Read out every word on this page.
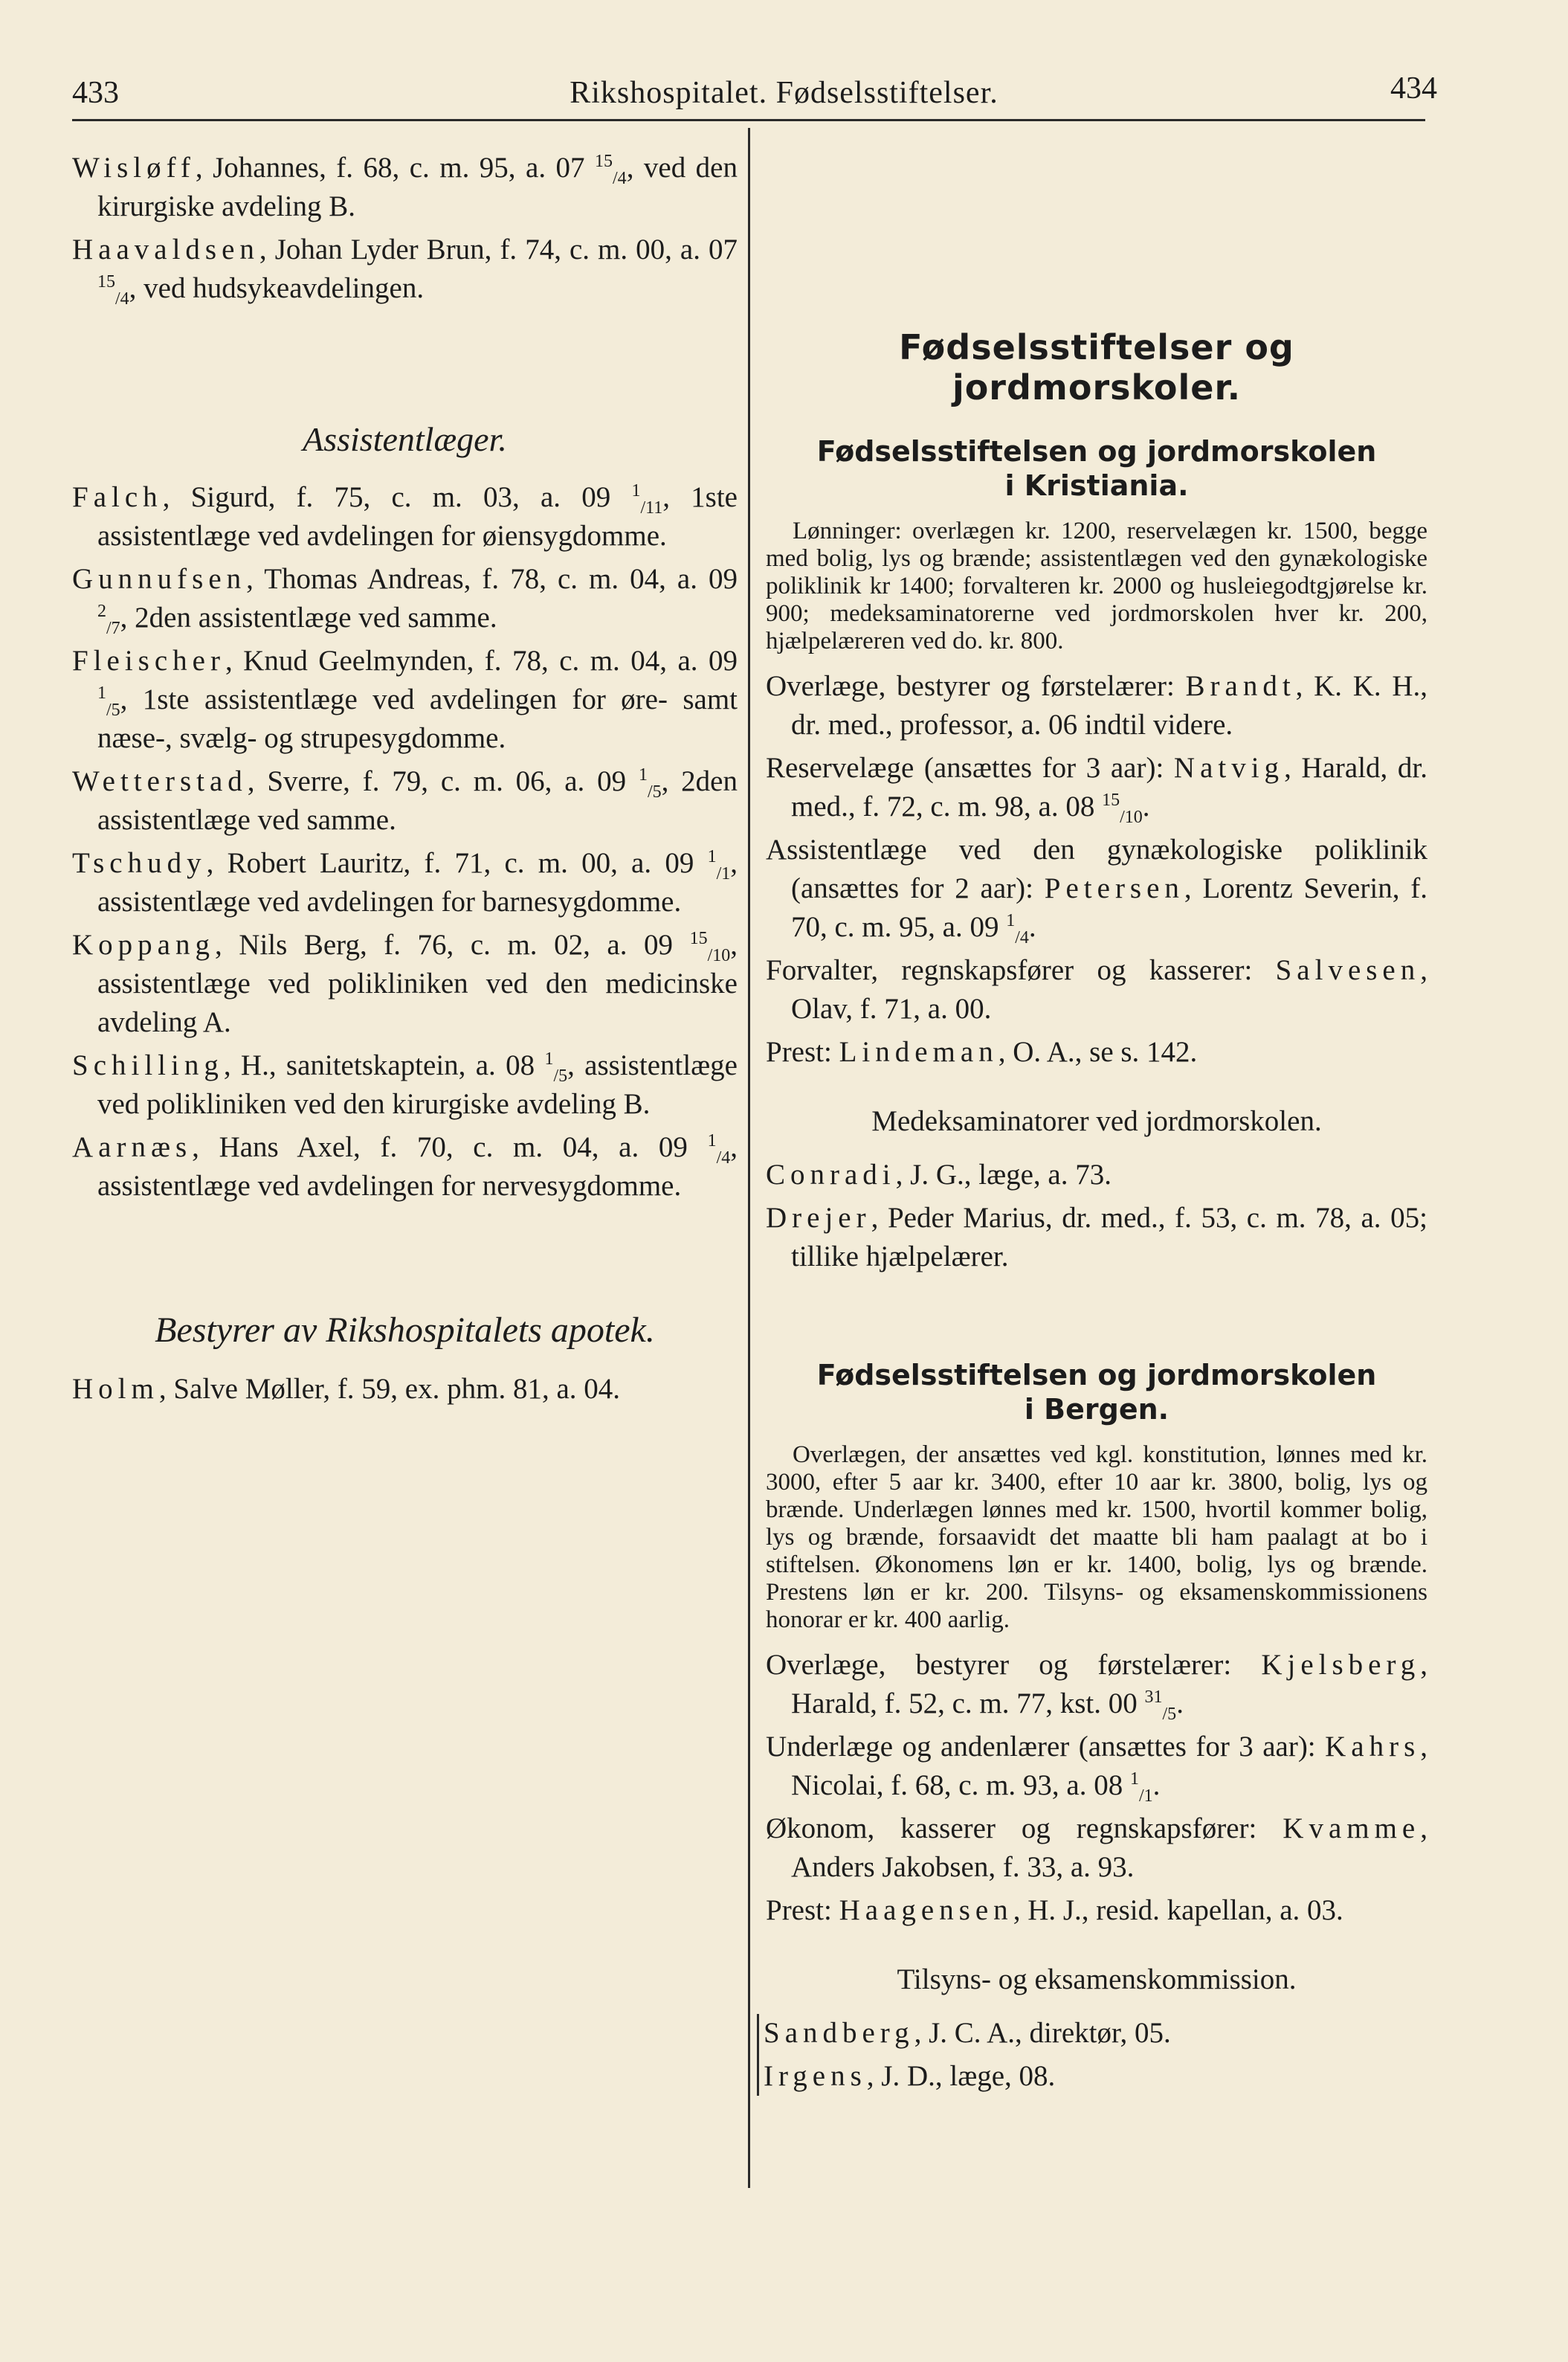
433	Rikshospitalet. Fødselsstiftelser.	434

Wisløff, Johannes, f. 68, c. m. 95, a. 07 $^{15}_{/4}$, ved den kirurgiske avdeling B.

Haavaldsen, Johan Lyder Brun, f. 74, c. m. 00, a. 07 $^{15}_{/4}$, ved hudsykeavdelingen.

Assistentlæger.

Falch, Sigurd, f. 75, c. m. 03, a. 09 $^1_{/11}$, 1ste assistentlæge ved avdelingen for øiensygdomme.

Gunnufsen, Thomas Andreas, f. 78, c. m. 04, a. 09 $^2_{/7}$, 2den assistentlæge ved samme.

Fleischer, Knud Geelmynden, f. 78, c. m. 04, a. 09 $^1_{/5}$, 1ste assistentlæge ved avdelingen for øre- samt næse-, svælg- og strupesygdomme.

Wetterstad, Sverre, f. 79, c. m. 06, a. 09 $^1_{/5}$, 2den assistentlæge ved samme.

Tschudy, Robert Lauritz, f. 71, c. m. 00, a. 09 $^1_{/1}$, assistentlæge ved avdelingen for barnesygdomme.

Koppang, Nils Berg, f. 76, c. m. 02, a. 09 $^{15}_{/10}$, assistentlæge ved polikliniken ved den medicinske avdeling A.

Schilling, H., sanitetskaptein, a. 08 $^1_{/5}$, assistentlæge ved polikliniken ved den kirurgiske avdeling B.

Aarnæs, Hans Axel, f. 70, c. m. 04, a. 09 $^1_{/4}$, assistentlæge ved avdelingen for nervesygdomme.

Bestyrer av Rikshospitalets apotek.

Holm, Salve Møller, f. 59, ex. phm. 81, a. 04.

Fødselsstiftelser og jordmorskoler.

Fødselsstiftelsen og jordmorskolen

i Kristiania.

Lønninger: overlægen kr. 1200, reservelægen kr. 1500, begge med bolig, lys og brænde; assistentlægen ved den gynækologiske poliklinik kr 1400; forvalteren kr. 2000 og husleiegodtgjørelse kr. 900; medeksaminatorerne ved jordmorskolen hver kr. 200, hjælpelæreren ved do. kr. 800.

Overlæge, bestyrer og førstelærer: Brandt, K. K. H., dr. med., professor, a. 06 indtil videre.

Reservelæge (ansættes for 3 aar): Natvig, Harald, dr. med., f. 72, c. m. 98, a. 08 $^{15}_{/10}$.

Assistentlæge ved den gynækologiske poliklinik (ansættes for 2 aar): Petersen, Lorentz Severin, f. 70, c. m. 95, a. 09 $^1_{/4}$.

Forvalter, regnskapsfører og kasserer: Salvesen, Olav, f. 71, a. 00.

Prest: Lindeman, O. A., se s. 142.

Medeksaminatorer ved jordmorskolen.

Conradi, J. G., læge, a. 73.

Drejer, Peder Marius, dr. med., f. 53, c. m. 78, a. 05; tillike hjælpelærer.

Fødselsstiftelsen og jordmorskolen

i Bergen.

Overlægen, der ansættes ved kgl. konstitution, lønnes med kr. 3000, efter 5 aar kr. 3400, efter 10 aar kr. 3800, bolig, lys og brænde. Underlægen lønnes med kr. 1500, hvortil kommer bolig, lys og brænde, forsaavidt det maatte bli ham paalagt at bo i stiftelsen. Økonomens løn er kr. 1400, bolig, lys og brænde. Prestens løn er kr. 200. Tilsyns- og eksamenskommissionens honorar er kr. 400 aarlig.

Overlæge, bestyrer og førstelærer: Kjelsberg, Harald, f. 52, c. m. 77, kst. 00 $^{31}_{/5}$.

Underlæge og andenlærer (ansættes for 3 aar): Kahrs, Nicolai, f. 68, c. m. 93, a. 08 $^1_{/1}$.

Økonom, kasserer og regnskapsfører: Kvamme, Anders Jakobsen, f. 33, a. 93.

Prest: Haagensen, H. J., resid. kapellan, a. 03.

Tilsyns- og eksamenskommission.

Sandberg, J. C. A., direktør, 05.

Irgens, J. D., læge, 08.
